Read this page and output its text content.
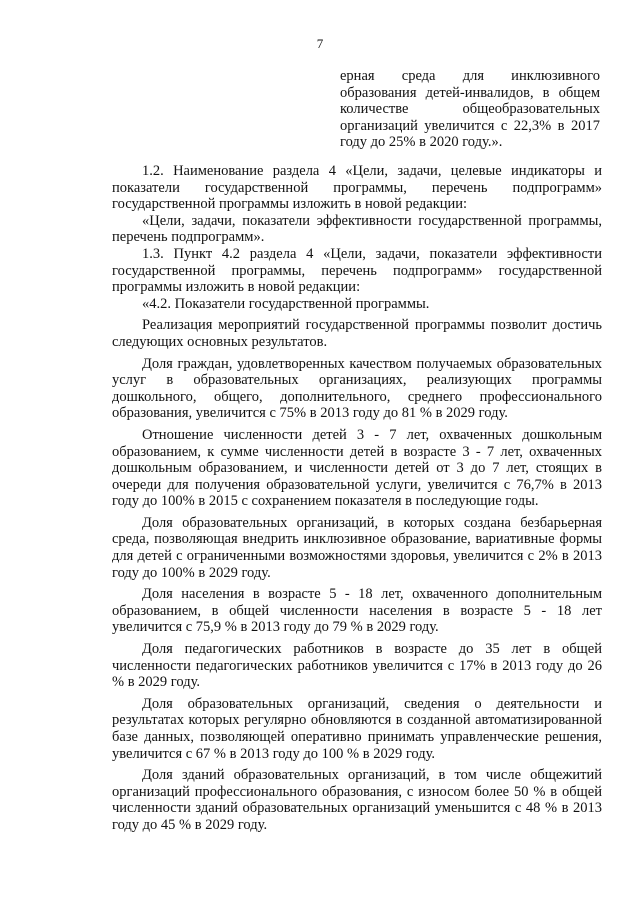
7
ерная среда для инклюзивного образования детей-инвалидов, в общем количестве общеобразовательных организаций увеличится с 22,3% в 2017 году до 25% в 2020 году.».

1.2. Наименование раздела 4 «Цели, задачи, целевые индикаторы и показатели государственной программы, перечень подпрограмм» государственной программы изложить в новой редакции:

«Цели, задачи, показатели эффективности государственной программы, перечень подпрограмм».

1.3. Пункт 4.2 раздела 4 «Цели, задачи, показатели эффективности государственной программы, перечень подпрограмм» государственной программы изложить в новой редакции:

«4.2. Показатели государственной программы.

Реализация мероприятий государственной программы позволит достичь следующих основных результатов.

Доля граждан, удовлетворенных качеством получаемых образовательных услуг в образовательных организациях, реализующих программы дошкольного, общего, дополнительного, среднего профессионального образования, увеличится с 75% в 2013 году до 81 % в 2029 году.

Отношение численности детей 3 - 7 лет, охваченных дошкольным образованием, к сумме численности детей в возрасте 3 - 7 лет, охваченных дошкольным образованием, и численности детей от 3 до 7 лет, стоящих в очереди для получения образовательной услуги, увеличится с 76,7% в 2013 году до 100% в 2015 с сохранением показателя в последующие годы.

Доля образовательных организаций, в которых создана безбарьерная среда, позволяющая внедрить инклюзивное образование, вариативные формы для детей с ограниченными возможностями здоровья, увеличится с 2% в 2013 году до 100% в 2029 году.

Доля населения в возрасте 5 - 18 лет, охваченного дополнительным образованием, в общей численности населения в возрасте 5 - 18 лет увеличится с 75,9 % в 2013 году до 79 % в 2029 году.

Доля педагогических работников в возрасте до 35 лет в общей численности педагогических работников увеличится с 17% в 2013 году до 26 % в 2029 году.

Доля образовательных организаций, сведения о деятельности и результатах которых регулярно обновляются в созданной автоматизированной базе данных, позволяющей оперативно принимать управленческие решения, увеличится с 67 % в 2013 году до 100 % в 2029 году.

Доля зданий образовательных организаций, в том числе общежитий организаций профессионального образования, с износом более 50 % в общей численности зданий образовательных организаций уменьшится с 48 % в 2013 году до 45 % в 2029 году.
